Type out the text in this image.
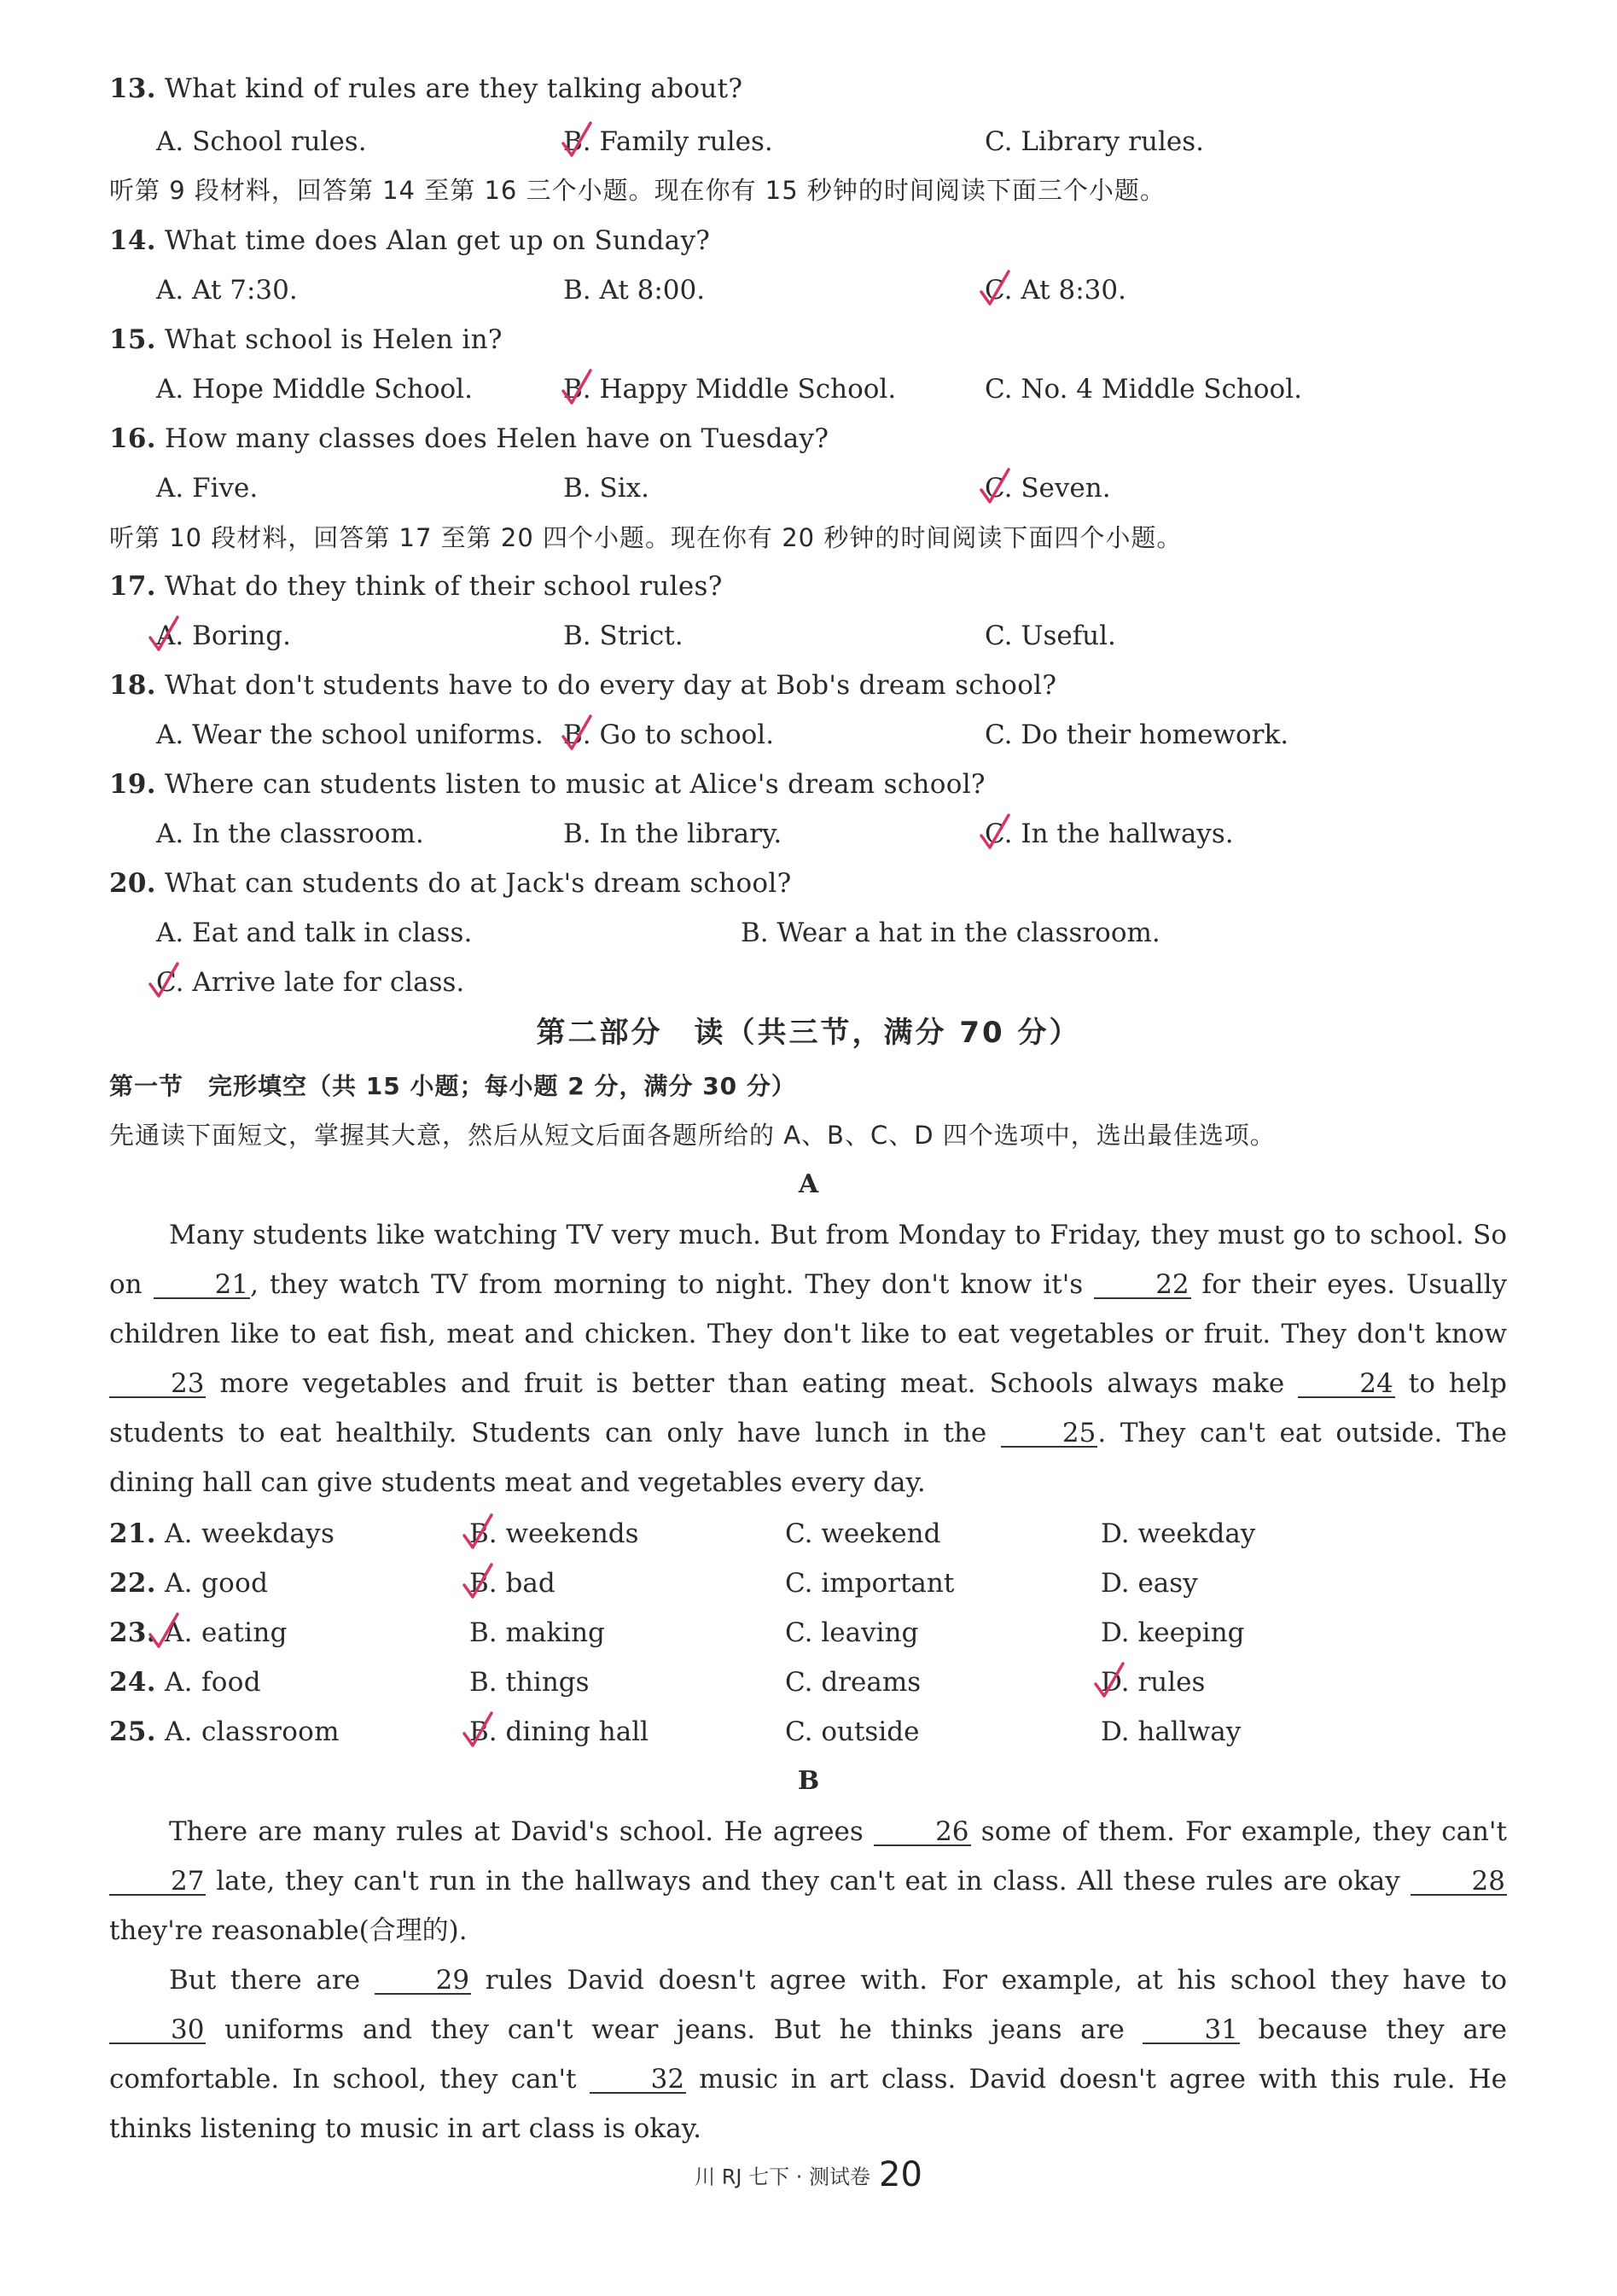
13. What kind of rules are they talking about?
A. School rules.	B. Family rules.	C. Library rules.
听第 9 段材料，回答第 14 至第 16 三个小题。现在你有 15 秒钟的时间阅读下面三个小题。
14. What time does Alan get up on Sunday?
A. At 7:30.	B. At 8:00.	C. At 8:30.
15. What school is Helen in?
A. Hope Middle School.	B. Happy Middle School.	C. No. 4 Middle School.
16. How many classes does Helen have on Tuesday?
A. Five.	B. Six.	C. Seven.
听第 10 段材料，回答第 17 至第 20 四个小题。现在你有 20 秒钟的时间阅读下面四个小题。
17. What do they think of their school rules?
A. Boring.	B. Strict.	C. Useful.
18. What don't students have to do every day at Bob's dream school?
A. Wear the school uniforms. B. Go to school.	C. Do their homework.
19. Where can students listen to music at Alice's dream school?
A. In the classroom.	B. In the library.	C. In the hallways.
20. What can students do at Jack's dream school?
A. Eat and talk in class.	B. Wear a hat in the classroom.
C. Arrive late for class.
第二部分　读（共三节，满分 70 分）
第一节　完形填空（共 15 小题；每小题 2 分，满分 30 分）
先通读下面短文，掌握其大意，然后从短文后面各题所给的 A、B、C、D 四个选项中，选出最佳选项。
A

Many students like watching TV very much. But from Monday to Friday, they must go to school. So on 21, they watch TV from morning to night. They don't know it's 22 for their eyes. Usually children like to eat fish, meat and chicken. They don't like to eat vegetables or fruit. They don't know 23 more vegetables and fruit is better than eating meat. Schools always make 24 to help students to eat healthily. Students can only have lunch in the 25. They can't eat outside. The dining hall can give students meat and vegetables every day.

21. A. weekdays	B. weekends	C. weekend	D. weekday
22. A. good	B. bad	C. important	D. easy
23. A. eating	B. making	C. leaving	D. keeping
24. A. food	B. things	C. dreams	D. rules
25. A. classroom	B. dining hall	C. outside	D. hallway
B

There are many rules at David's school. He agrees 26 some of them. For example, they can't 27 late, they can't run in the hallways and they can't eat in class. All these rules are okay 28 they're reasonable(合理的).

But there are 29 rules David doesn't agree with. For example, at his school they have to 30 uniforms and they can't wear jeans. But he thinks jeans are 31 because they are comfortable. In school, they can't 32 music in art class. David doesn't agree with this rule. He thinks listening to music in art class is okay.

川 RJ 七下 · 测试卷 20
